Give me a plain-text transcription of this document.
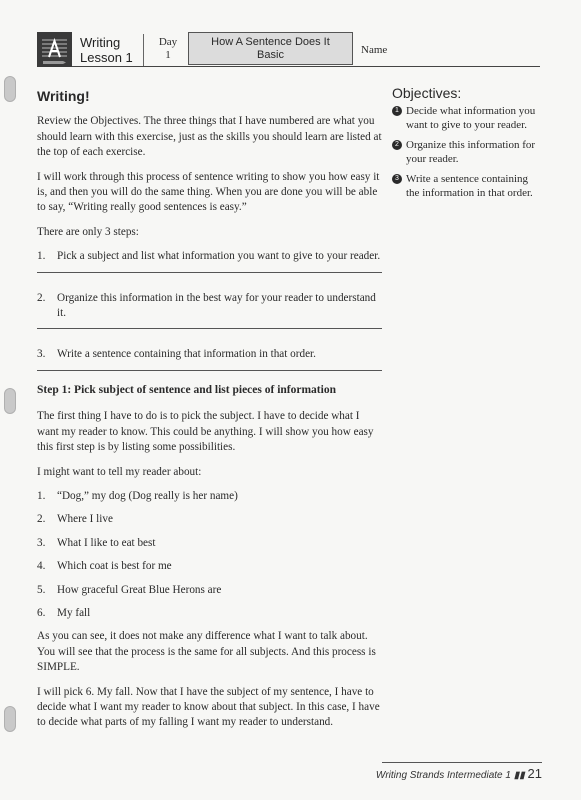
Writing
Lesson 1
Day
1
How A Sentence Does It
Basic	Name
Writing!

Review the Objectives. The three things that I have numbered are what you should learn with this exercise, just as the skills you should learn are listed at the top of each exercise.

I will work through this process of sentence writing to show you how easy it is, and then you will do the same thing. When you are done you will be able to say, “Writing really good sentences is easy.”

There are only 3 steps:

1.	Pick a subject and list what information you want to give to your reader.
2.	Organize this information in the best way for your reader to understand it.
3.	Write a sentence containing that information in that order.
Step 1: Pick subject of sentence and list pieces of information

The first thing I have to do is to pick the subject. I have to decide what I want my reader to know. This could be anything. I will show you how easy this first step is by listing some possibilities.

I might want to tell my reader about:

1.	“Dog,” my dog (Dog really is her name)
2.	Where I live
3.	What I like to eat best
4.	Which coat is best for me
5.	How graceful Great Blue Herons are
6.	My fall

As you can see, it does not make any difference what I want to talk about. You will see that the process is the same for all subjects. And this process is SIMPLE.

I will pick 6. My fall. Now that I have the subject of my sentence, I have to decide what I want my reader to know about that subject. In this case, I have to decide what parts of my falling I want my reader to understand.

Objectives:
1 Decide what information you want to give to your reader.
2 Organize this information for your reader.
3 Write a sentence containing the information in that order.
Writing Strands Intermediate 1 ▮▮ 21
